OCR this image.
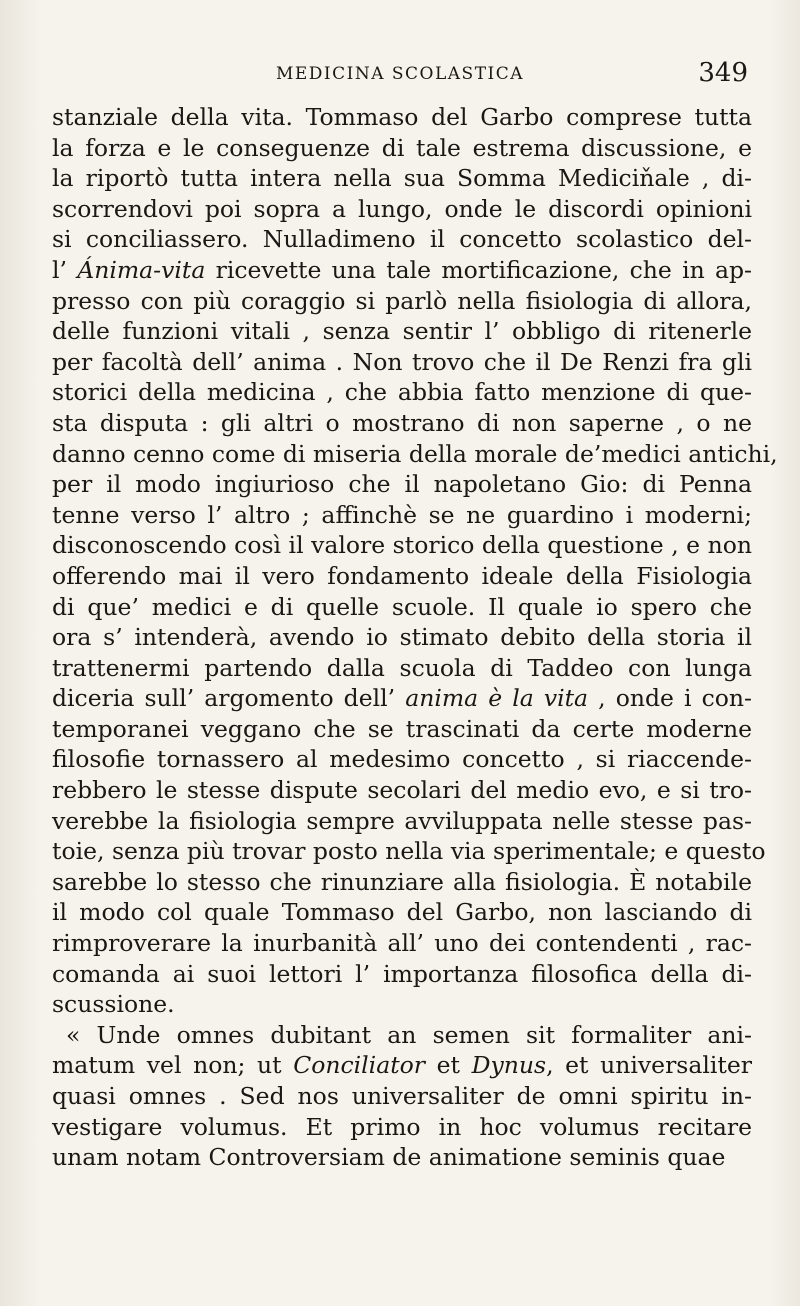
MEDICINA SCOLASTICA	349
stanziale della vita. Tommaso del Garbo comprese tutta
la forza e le conseguenze di tale estrema discussione, e
la riportò tutta intera nella sua Somma Mediciňale , di-
scorrendovi poi sopra a lungo, onde le discordi opinioni
si conciliassero. Nulladimeno il concetto scolastico del-
l’ Ánima-vita ricevette una tale mortificazione, che in ap-
presso con più coraggio si parlò nella fisiologia di allora,
delle funzioni vitali , senza sentir l’ obbligo di ritenerle
per facoltà dell’ anima . Non trovo che il De Renzi fra gli
storici della medicina , che abbia fatto menzione di que-
sta disputa : gli altri o mostrano di non saperne , o ne
danno cenno come di miseria della morale de’medici antichi,
per il modo ingiurioso che il napoletano Gio: di Penna
tenne verso l’ altro ; affinchè se ne guardino i moderni;
disconoscendo così il valore storico della questione , e non
offerendo mai il vero fondamento ideale della Fisiologia
di que’ medici e di quelle scuole. Il quale io spero che
ora s’ intenderà, avendo io stimato debito della storia il
trattenermi partendo dalla scuola di Taddeo con lunga
diceria sull’ argomento dell’ anima è la vita , onde i con-
temporanei veggano che se trascinati da certe moderne
filosofie tornassero al medesimo concetto , si riaccende-
rebbero le stesse dispute secolari del medio evo, e si tro-
verebbe la fisiologia sempre avviluppata nelle stesse pas-
toie, senza più trovar posto nella via sperimentale; e questo
sarebbe lo stesso che rinunziare alla fisiologia. È notabile
il modo col quale Tommaso del Garbo, non lasciando di
rimproverare la inurbanità all’ uno dei contendenti , rac-
comanda ai suoi lettori l’ importanza filosofica della di-
scussione.
« Unde omnes dubitant an semen sit formaliter ani-
matum vel non; ut Conciliator et Dynus, et universaliter
quasi omnes . Sed nos universaliter de omni spiritu in-
vestigare volumus. Et primo in hoc volumus recitare
unam notam Controversiam de animatione seminis quae
